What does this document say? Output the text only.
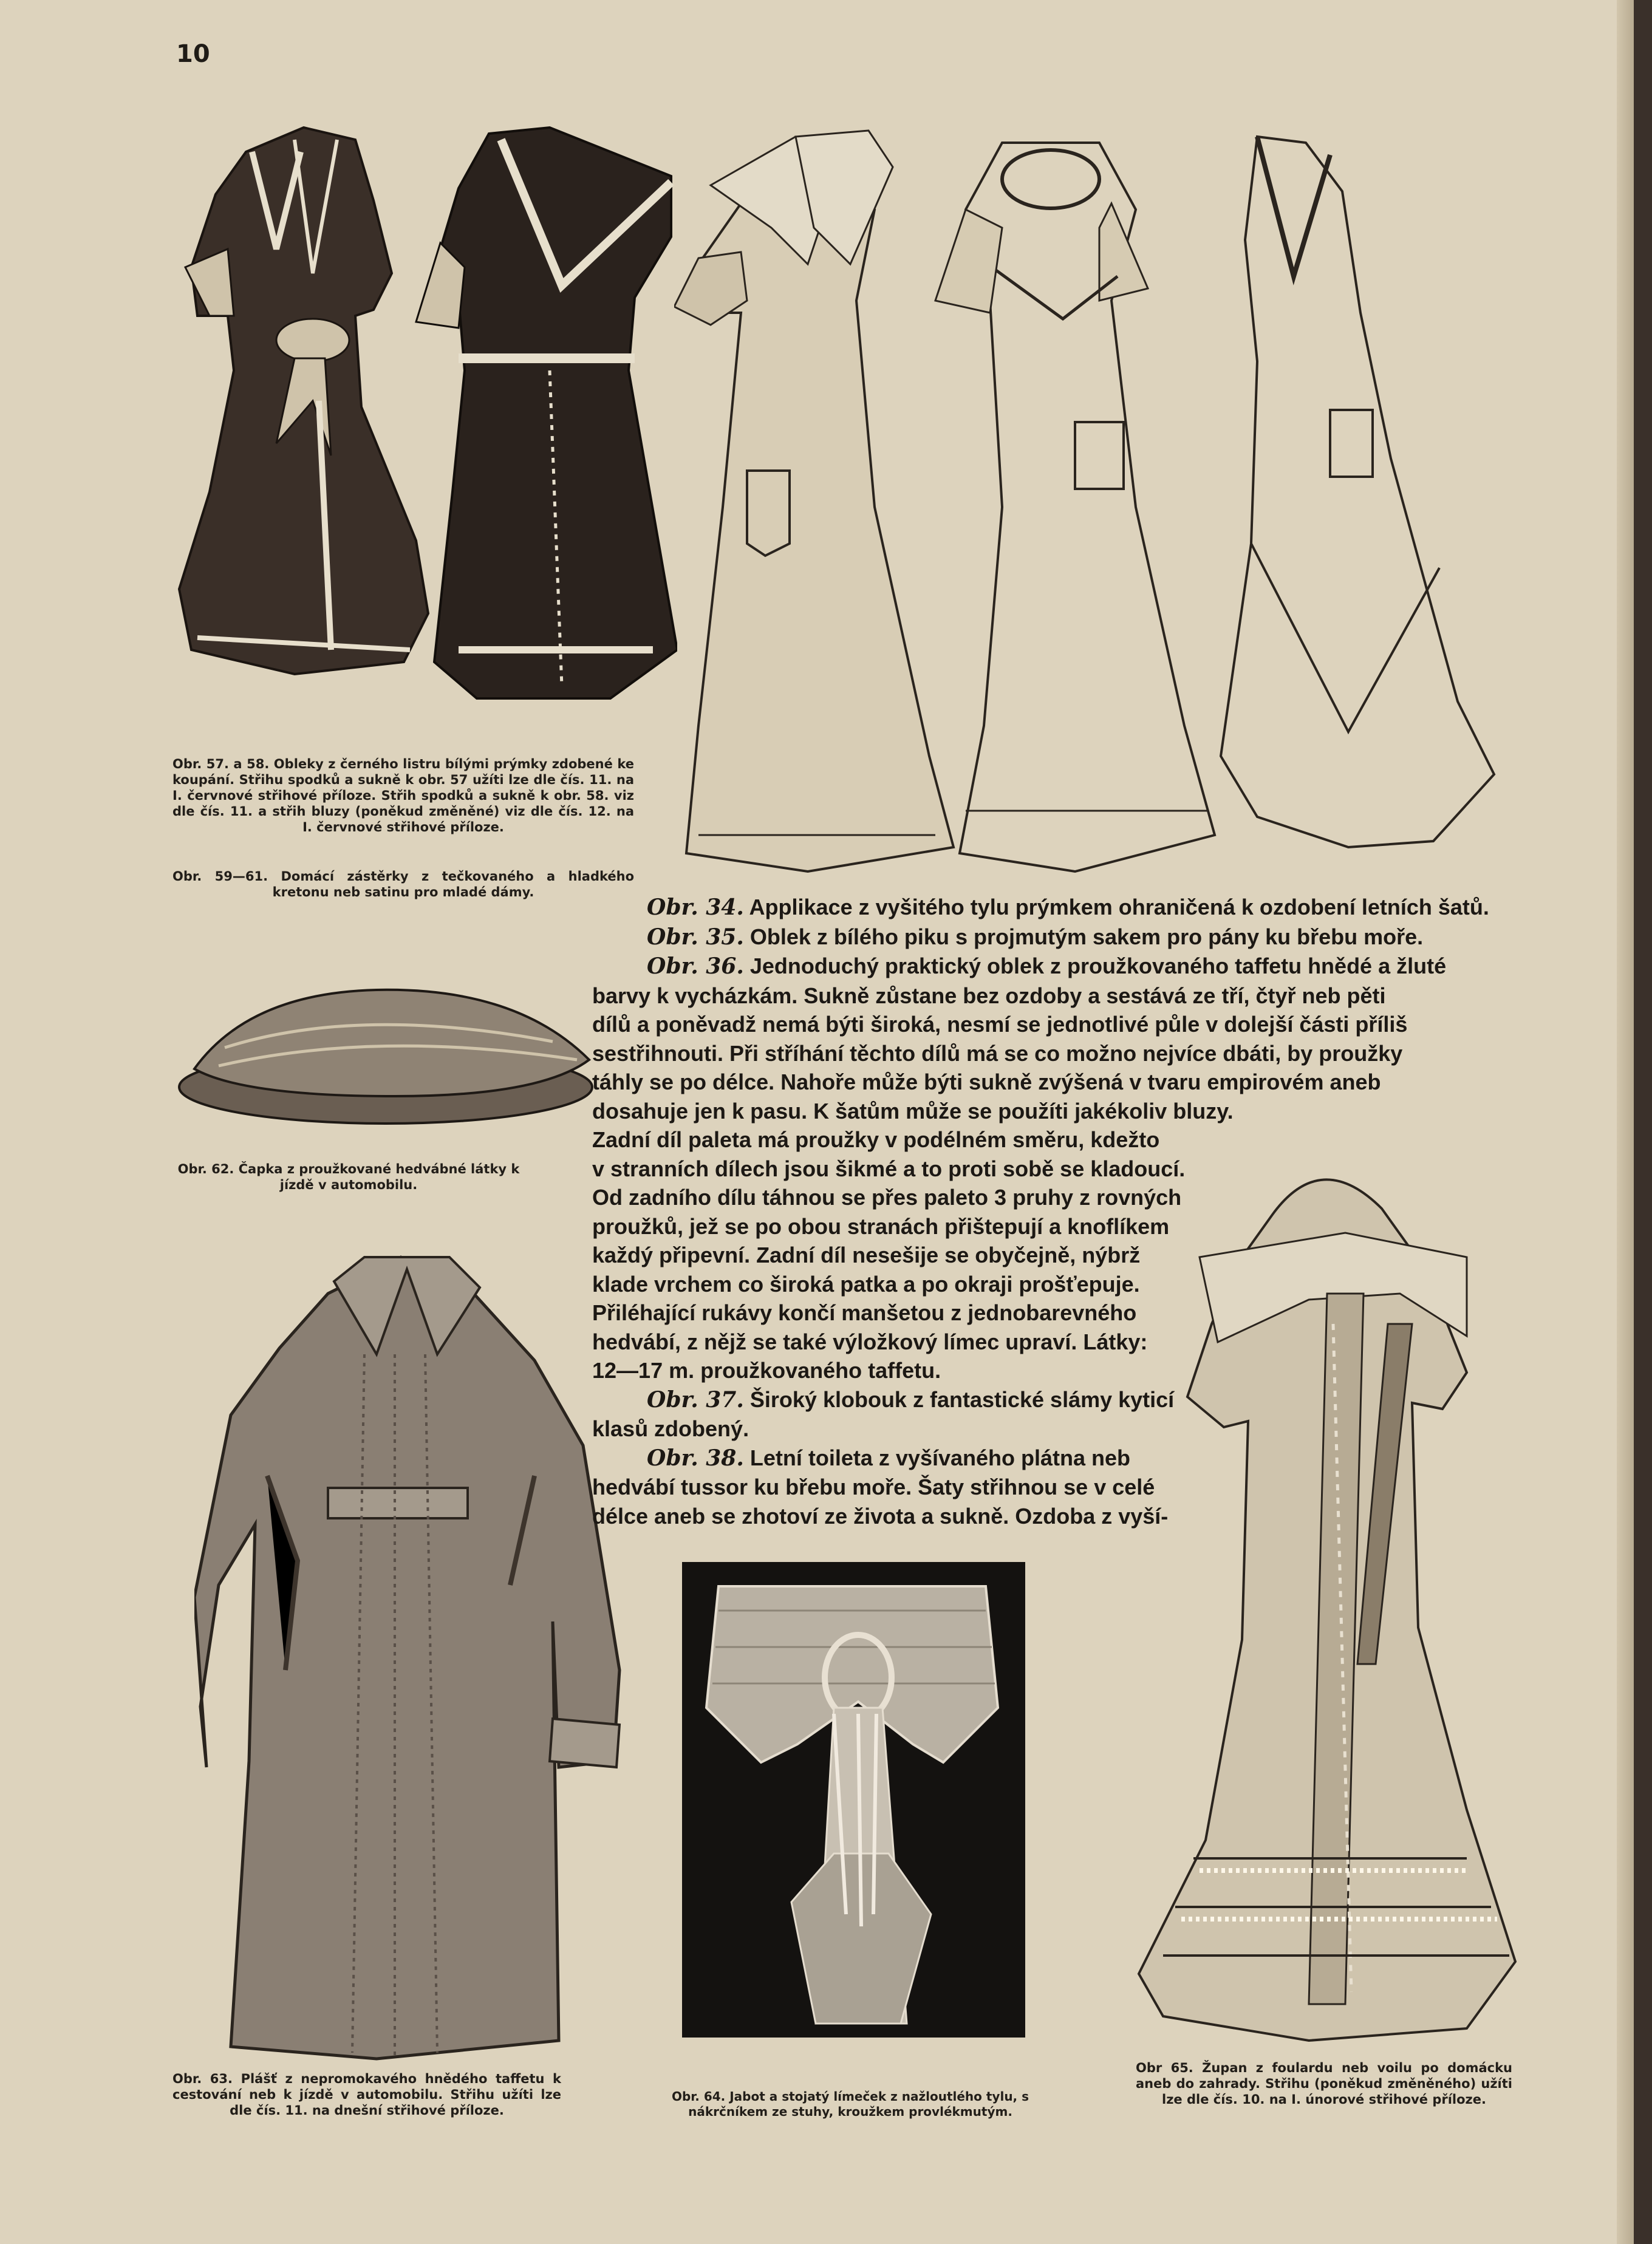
10

Obr. 57. a 58. Obleky z černého listru bílými prýmky zdobené ke koupání. Střihu spodků a sukně k obr. 57 užíti lze dle čís. 11. na I. červnové střihové příloze. Střih spodků a sukně k obr. 58. viz dle čís. 11. a střih bluzy (poněkud změněné) viz dle čís. 12. na I. červnové střihové příloze.

Obr. 59—61. Domácí zástěrky z tečkovaného a hladkého kretonu neb satinu pro mladé dámy.

Obr. 62. Čapka z proužkované hedvábné látky k jízdě v automobilu.

Obr. 63. Plášť z nepromokavého hnědého taffetu k cestování neb k jízdě v automobilu. Střihu užíti lze dle čís. 11. na dnešní střihové příloze.

Obr. 64. Jabot a stojatý límeček z nažloutlého tylu, s nákrčníkem ze stuhy, kroužkem provlékmutým.

Obr 65. Župan z foulardu neb voilu po domácku aneb do zahrady. Střihu (poněkud změněného) užíti lze dle čís. 10. na I. únorové střihové příloze.

Obr. 34. Applikace z vyšitého tylu prýmkem ohraničená k ozdobení letních šatů.
Obr. 35. Oblek z bílého piku s projmutým sakem pro pány ku břebu moře.
Obr. 36. Jednoduchý praktický oblek z proužkovaného taffetu hnědé a žluté
barvy k vycházkám. Sukně zůstane bez ozdoby a sestává ze tří, čtyř neb pěti
dílů a poněvadž nemá býti široká, nesmí se jednotlivé půle v dolejší části příliš
sestřihnouti. Při stříhání těchto dílů má se co možno nejvíce dbáti, by proužky
táhly se po délce. Nahoře může býti sukně zvýšená v tvaru empirovém aneb
dosahuje jen k pasu. K šatům může se použíti jakékoliv bluzy.
Zadní díl paleta má proužky v podélném směru, kdežto
v stranních dílech jsou šikmé a to proti sobě se kladoucí.
Od zadního dílu táhnou se přes paleto 3 pruhy z rovných
proužků, jež se po obou stranách přištepují a knoflíkem
každý připevní. Zadní díl nesešije se obyčejně, nýbrž
klade vrchem co široká patka a po okraji prošťepuje.
Přiléhající rukávy končí manšetou z jednobarevného
hedvábí, z nějž se také výložkový límec upraví. Látky:
12—17 m. proužkovaného taffetu.
Obr. 37. Široký klobouk z fantastické slámy kyticí
klasů zdobený.
Obr. 38. Letní toileta z vyšívaného plátna neb
hedvábí tussor ku břebu moře. Šaty střihnou se v celé
délce aneb se zhotoví ze života a sukně. Ozdoba z vyší-
